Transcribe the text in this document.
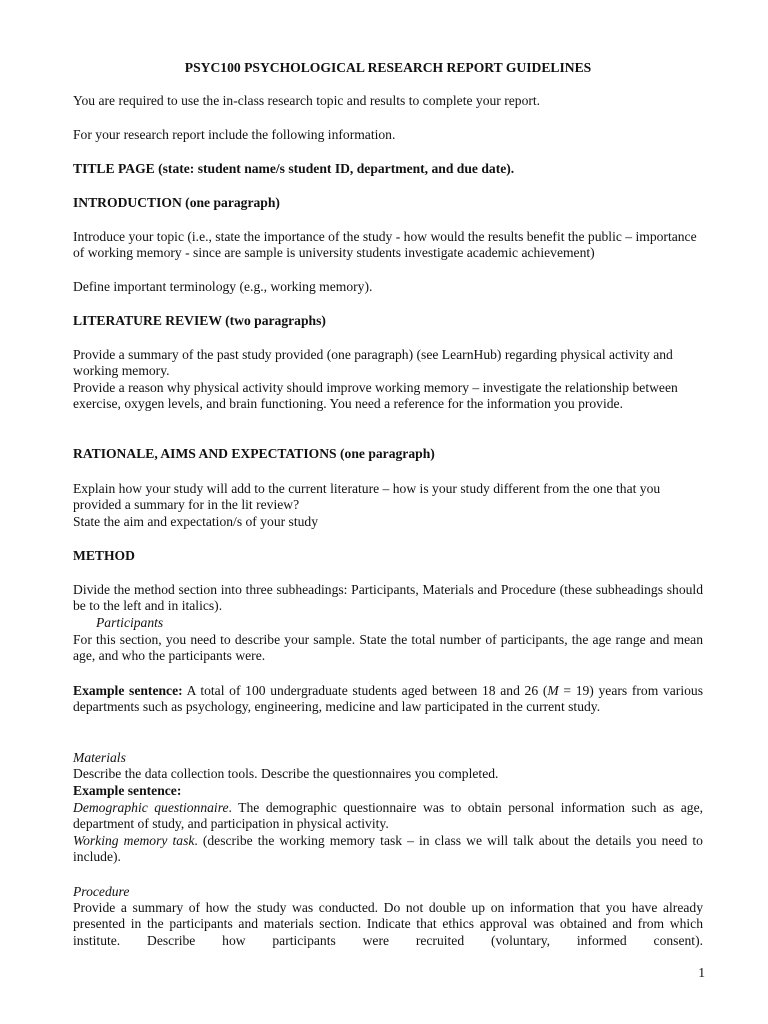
PSYC100 PSYCHOLOGICAL RESEARCH REPORT GUIDELINES

You are required to use the in-class research topic and results to complete your report.

For your research report include the following information.

TITLE PAGE (state: student name/s student ID, department, and due date).

INTRODUCTION (one paragraph)

Introduce your topic (i.e., state the importance of the study - how would the results benefit the public – importance of working memory - since are sample is university students investigate academic achievement)

Define important terminology (e.g., working memory).

LITERATURE REVIEW (two paragraphs)

Provide a summary of the past study provided (one paragraph) (see LearnHub) regarding physical activity and working memory.

Provide a reason why physical activity should improve working memory – investigate the relationship between exercise, oxygen levels, and brain functioning. You need a reference for the information you provide.

RATIONALE, AIMS AND EXPECTATIONS (one paragraph)

Explain how your study will add to the current literature – how is your study different from the one that you provided a summary for in the lit review?

State the aim and expectation/s of your study

METHOD

Divide the method section into three subheadings: Participants, Materials and Procedure (these subheadings should be to the left and in italics).

Participants

For this section, you need to describe your sample. State the total number of participants, the age range and mean age, and who the participants were.

Example sentence: A total of 100 undergraduate students aged between 18 and 26 (M = 19) years from various departments such as psychology, engineering, medicine and law participated in the current study.

Materials

Describe the data collection tools. Describe the questionnaires you completed.

Example sentence:

Demographic questionnaire. The demographic questionnaire was to obtain personal information such as age, department of study, and participation in physical activity.

Working memory task. (describe the working memory task – in class we will talk about the details you need to include).

Procedure

Provide a summary of how the study was conducted. Do not double up on information that you have already presented in the participants and materials section. Indicate that ethics approval was obtained and from which institute. Describe how participants were recruited (voluntary, informed consent).

1
